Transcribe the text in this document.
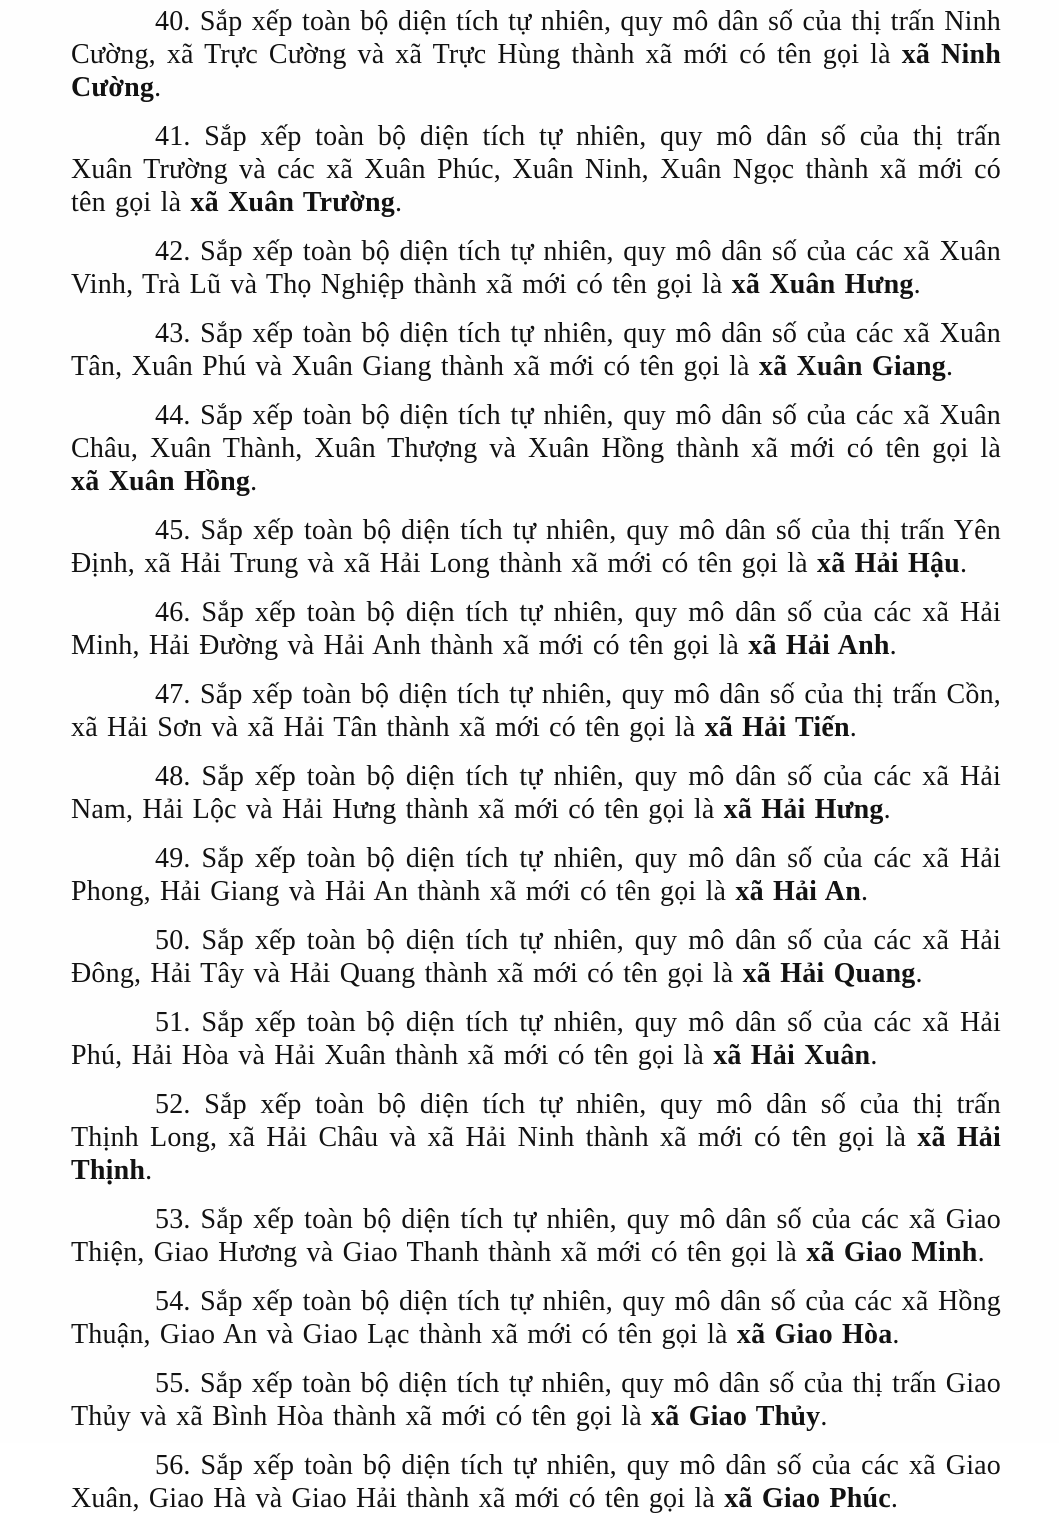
40. Sắp xếp toàn bộ diện tích tự nhiên, quy mô dân số của thị trấn Ninh Cường, xã Trực Cường và xã Trực Hùng thành xã mới có tên gọi là xã Ninh Cường.

41. Sắp xếp toàn bộ diện tích tự nhiên, quy mô dân số của thị trấn Xuân Trường và các xã Xuân Phúc, Xuân Ninh, Xuân Ngọc thành xã mới có tên gọi là xã Xuân Trường.

42. Sắp xếp toàn bộ diện tích tự nhiên, quy mô dân số của các xã Xuân Vinh, Trà Lũ và Thọ Nghiệp thành xã mới có tên gọi là xã Xuân Hưng.

43. Sắp xếp toàn bộ diện tích tự nhiên, quy mô dân số của các xã Xuân Tân, Xuân Phú và Xuân Giang thành xã mới có tên gọi là xã Xuân Giang.

44. Sắp xếp toàn bộ diện tích tự nhiên, quy mô dân số của các xã Xuân Châu, Xuân Thành, Xuân Thượng và Xuân Hồng thành xã mới có tên gọi là xã Xuân Hồng.

45. Sắp xếp toàn bộ diện tích tự nhiên, quy mô dân số của thị trấn Yên Định, xã Hải Trung và xã Hải Long thành xã mới có tên gọi là xã Hải Hậu.

46. Sắp xếp toàn bộ diện tích tự nhiên, quy mô dân số của các xã Hải Minh, Hải Đường và Hải Anh thành xã mới có tên gọi là xã Hải Anh.

47. Sắp xếp toàn bộ diện tích tự nhiên, quy mô dân số của thị trấn Cồn, xã Hải Sơn và xã Hải Tân thành xã mới có tên gọi là xã Hải Tiến.

48. Sắp xếp toàn bộ diện tích tự nhiên, quy mô dân số của các xã Hải Nam, Hải Lộc và Hải Hưng thành xã mới có tên gọi là xã Hải Hưng.

49. Sắp xếp toàn bộ diện tích tự nhiên, quy mô dân số của các xã Hải Phong, Hải Giang và Hải An thành xã mới có tên gọi là xã Hải An.

50. Sắp xếp toàn bộ diện tích tự nhiên, quy mô dân số của các xã Hải Đông, Hải Tây và Hải Quang thành xã mới có tên gọi là xã Hải Quang.

51. Sắp xếp toàn bộ diện tích tự nhiên, quy mô dân số của các xã Hải Phú, Hải Hòa và Hải Xuân thành xã mới có tên gọi là xã Hải Xuân.

52. Sắp xếp toàn bộ diện tích tự nhiên, quy mô dân số của thị trấn Thịnh Long, xã Hải Châu và xã Hải Ninh thành xã mới có tên gọi là xã Hải Thịnh.

53. Sắp xếp toàn bộ diện tích tự nhiên, quy mô dân số của các xã Giao Thiện, Giao Hương và Giao Thanh thành xã mới có tên gọi là xã Giao Minh.

54. Sắp xếp toàn bộ diện tích tự nhiên, quy mô dân số của các xã Hồng Thuận, Giao An và Giao Lạc thành xã mới có tên gọi là xã Giao Hòa.

55. Sắp xếp toàn bộ diện tích tự nhiên, quy mô dân số của thị trấn Giao Thủy và xã Bình Hòa thành xã mới có tên gọi là xã Giao Thủy.

56. Sắp xếp toàn bộ diện tích tự nhiên, quy mô dân số của các xã Giao Xuân, Giao Hà và Giao Hải thành xã mới có tên gọi là xã Giao Phúc.
